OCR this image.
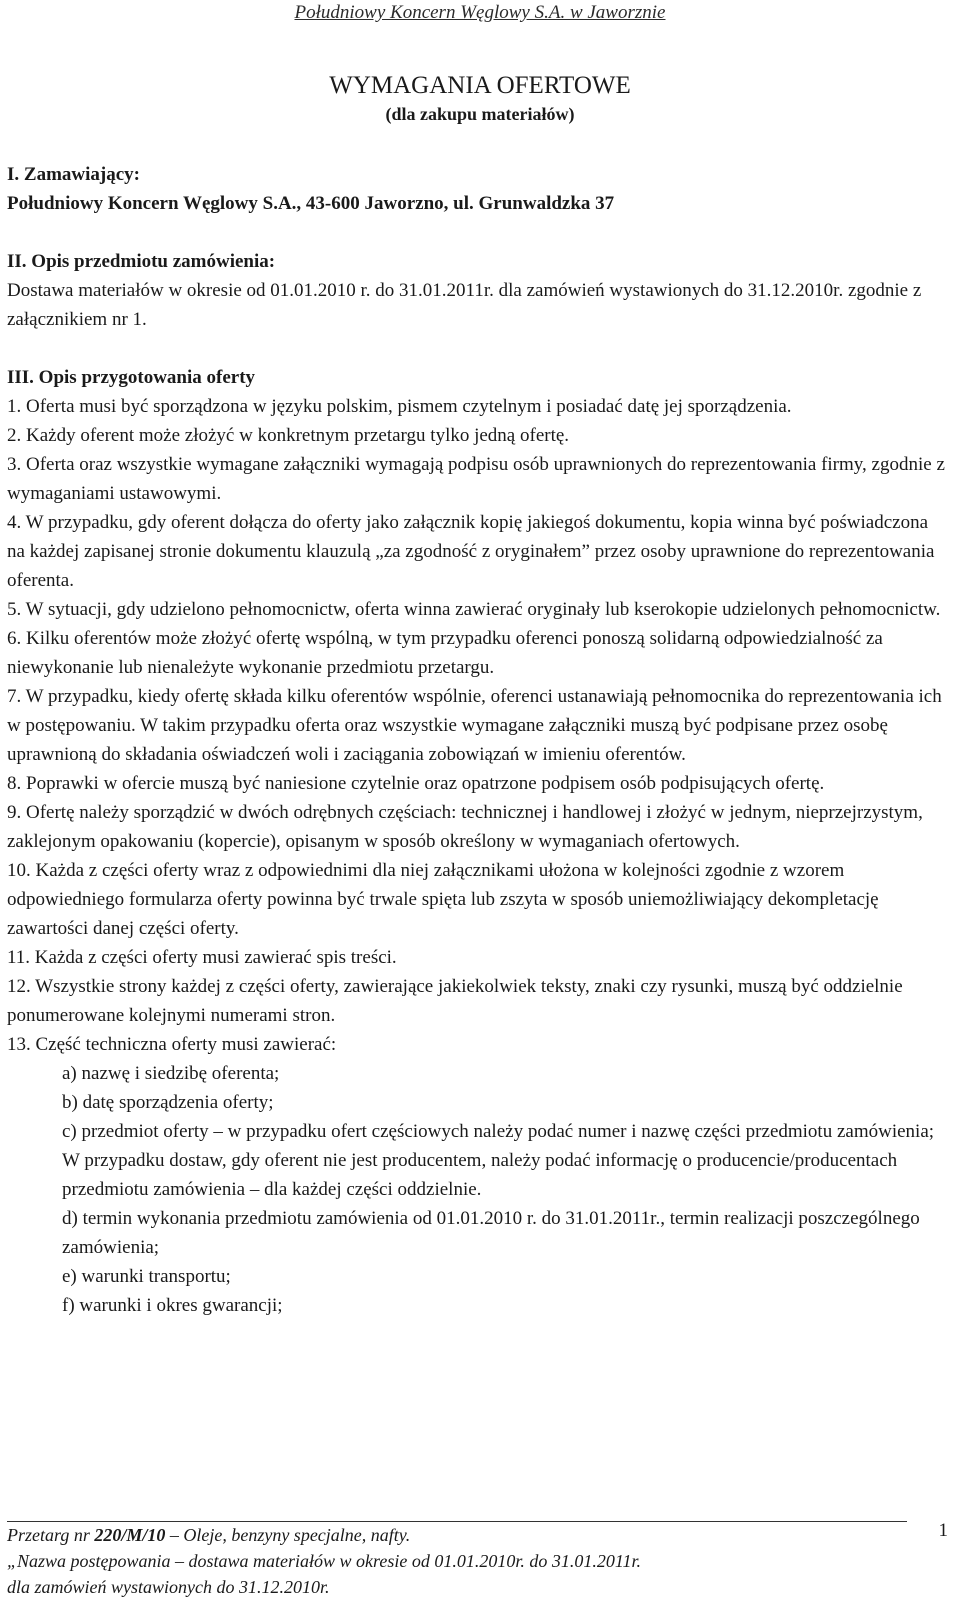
Południowy Koncern Węglowy S.A. w Jaworznie
WYMAGANIA OFERTOWE
(dla zakupu materiałów)

I. Zamawiający:

Południowy Koncern Węglowy S.A., 43-600 Jaworzno, ul. Grunwaldzka 37

II. Opis przedmiotu zamówienia:

Dostawa materiałów w okresie od 01.01.2010 r. do 31.01.2011r. dla zamówień wystawionych do 31.12.2010r. zgodnie z załącznikiem nr 1.

III. Opis przygotowania oferty

1. Oferta musi być sporządzona w języku polskim, pismem czytelnym i posiadać datę jej sporządzenia.

2. Każdy oferent może złożyć w konkretnym przetargu tylko jedną ofertę.

3. Oferta oraz wszystkie wymagane załączniki wymagają podpisu osób uprawnionych do reprezentowania firmy, zgodnie z wymaganiami ustawowymi.

4. W przypadku, gdy oferent dołącza do oferty jako załącznik kopię jakiegoś dokumentu, kopia winna być poświadczona na każdej zapisanej stronie dokumentu klauzulą „za zgodność z oryginałem” przez osoby uprawnione do reprezentowania oferenta.

5. W sytuacji, gdy udzielono pełnomocnictw, oferta winna zawierać oryginały lub kserokopie udzielonych pełnomocnictw.

6. Kilku oferentów może złożyć ofertę wspólną, w tym przypadku oferenci ponoszą solidarną odpowiedzialność za niewykonanie lub nienależyte wykonanie przedmiotu przetargu.

7. W przypadku, kiedy ofertę składa kilku oferentów wspólnie, oferenci ustanawiają pełnomocnika do reprezentowania ich w postępowaniu. W takim przypadku oferta oraz wszystkie wymagane załączniki muszą być podpisane przez osobę uprawnioną do składania oświadczeń woli i zaciągania zobowiązań w imieniu oferentów.

8. Poprawki w ofercie muszą być naniesione czytelnie oraz opatrzone podpisem osób podpisujących ofertę.

9. Ofertę należy sporządzić w dwóch odrębnych częściach: technicznej i handlowej i złożyć w jednym, nieprzejrzystym, zaklejonym opakowaniu (kopercie), opisanym w sposób określony w wymaganiach ofertowych.

10. Każda z części oferty wraz z odpowiednimi dla niej załącznikami ułożona w kolejności zgodnie z wzorem odpowiedniego formularza oferty powinna być trwale spięta lub zszyta w sposób uniemożliwiający dekompletację zawartości danej części oferty.

11. Każda z części oferty musi zawierać spis treści.

12. Wszystkie strony każdej z części oferty, zawierające jakiekolwiek teksty, znaki czy rysunki, muszą być oddzielnie ponumerowane kolejnymi numerami stron.

13. Część techniczna oferty musi zawierać:

a) nazwę i siedzibę oferenta;

b) datę sporządzenia oferty;

c) przedmiot oferty – w przypadku ofert częściowych należy podać numer i nazwę części przedmiotu zamówienia;

W przypadku dostaw, gdy oferent nie jest producentem, należy podać informację o producencie/producentach przedmiotu zamówienia – dla każdej części oddzielnie.

d) termin wykonania przedmiotu zamówienia od 01.01.2010 r. do 31.01.2011r., termin realizacji poszczególnego zamówienia;

e) warunki transportu;

f) warunki i okres gwarancji;

Przetarg nr 220/M/10 – Oleje, benzyny specjalne, nafty.
„Nazwa postępowania – dostawa materiałów w okresie od 01.01.2010r. do 31.01.2011r.
dla zamówień wystawionych do 31.12.2010r.
1
